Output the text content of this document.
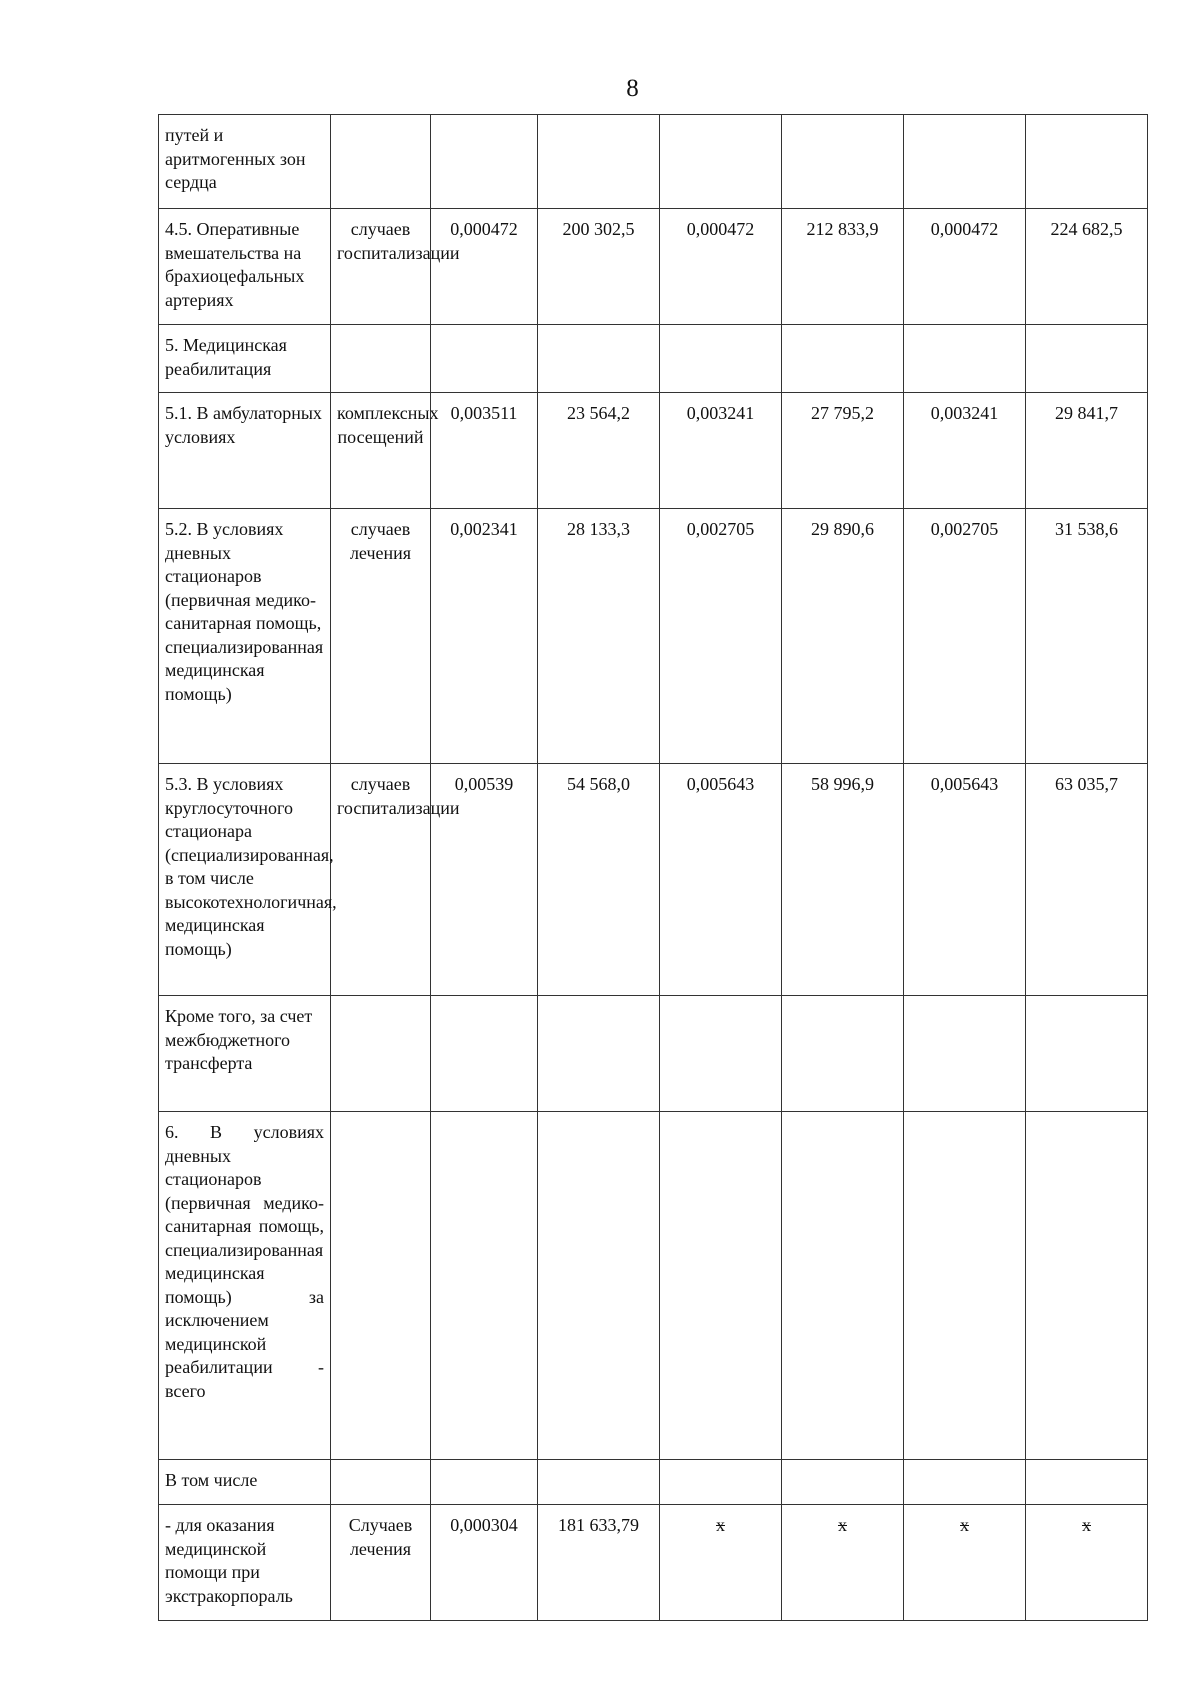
8
путей и аритмогенных зон сердца							
4.5. Оперативные вмешательства на брахиоцефальных артериях	случаев госпитализации	0,000472	200 302,5	0,000472	212 833,9	0,000472	224 682,5
5. Медицинская реабилитация							
5.1. В амбулаторных условиях	комплексных посещений	0,003511	23 564,2	0,003241	27 795,2	0,003241	29 841,7
5.2. В условиях дневных стационаров (первичная медико-санитарная помощь, специализированная медицинская помощь)	случаев лечения	0,002341	28 133,3	0,002705	29 890,6	0,002705	31 538,6
5.3. В условиях круглосуточного стационара (специализированная, в том числе высокотехнологичная, медицинская помощь)	случаев госпитализации	0,00539	54 568,0	0,005643	58 996,9	0,005643	63 035,7
Кроме того, за счет межбюджетного трансферта							
6. В условиях дневных стационаров (первичная медико-санитарная помощь, специализированная медицинская помощь) за исключением медицинской реабилитации - всего							
В том числе							
- для оказания медицинской помощи при экстракорпораль	Случаев лечения	0,000304	181 633,79	x	x	x	x
